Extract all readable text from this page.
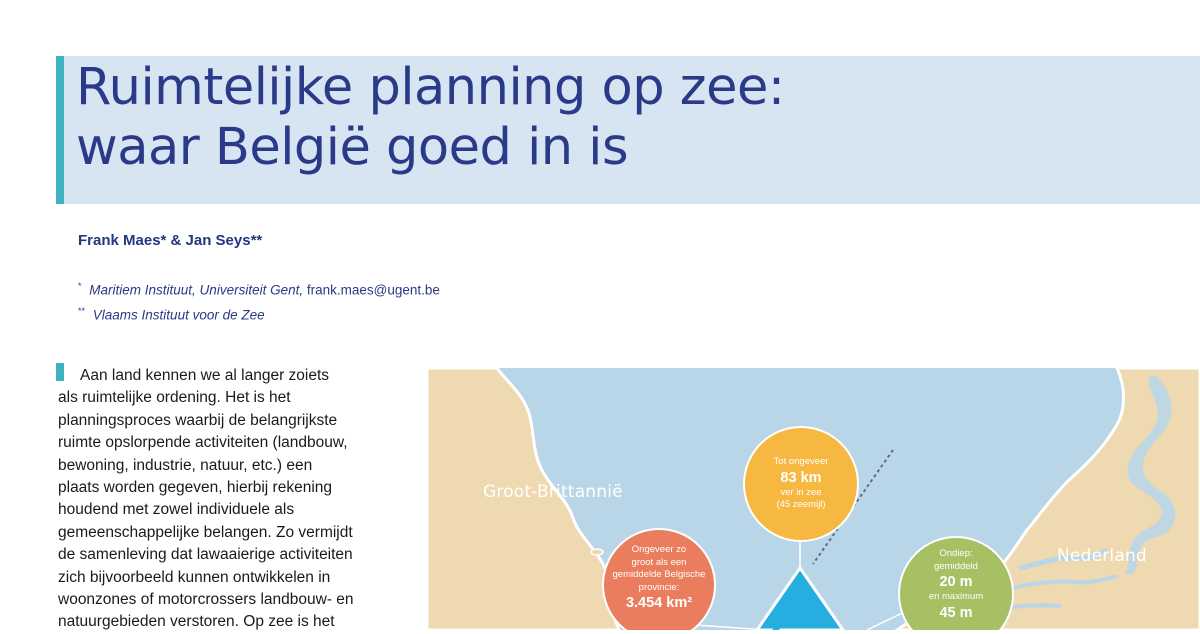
Ruimtelijke planning op zee:
waar België goed in is
Frank Maes* & Jan Seys**
* Maritiem Instituut, Universiteit Gent, frank.maes@ugent.be
** Vlaams Instituut voor de Zee
Aan land kennen we al langer zoiets
als ruimtelijke ordening. Het is het
planningsproces waarbij de belangrijkste
ruimte opslorpende activiteiten (landbouw,
bewoning, industrie, natuur, etc.) een
plaats worden gegeven, hierbij rekening
houdend met zowel individuele als
gemeenschappelijke belangen. Zo vermijdt
de samenleving dat lawaaierige activiteiten
zich bijvoorbeeld kunnen ontwikkelen in
woonzones of motorcrossers landbouw- en
natuurgebieden verstoren. Op zee is het
Groot-Brittannië
Nederland
Tot ongeveer
83 km
ver in zee
(45 zeemijl)
Ongeveer zo
groot als een
gemiddelde Belgische
provincie:
3.454 km²
Ondiep:
gemiddeld
20 m
en maximum
45 m
